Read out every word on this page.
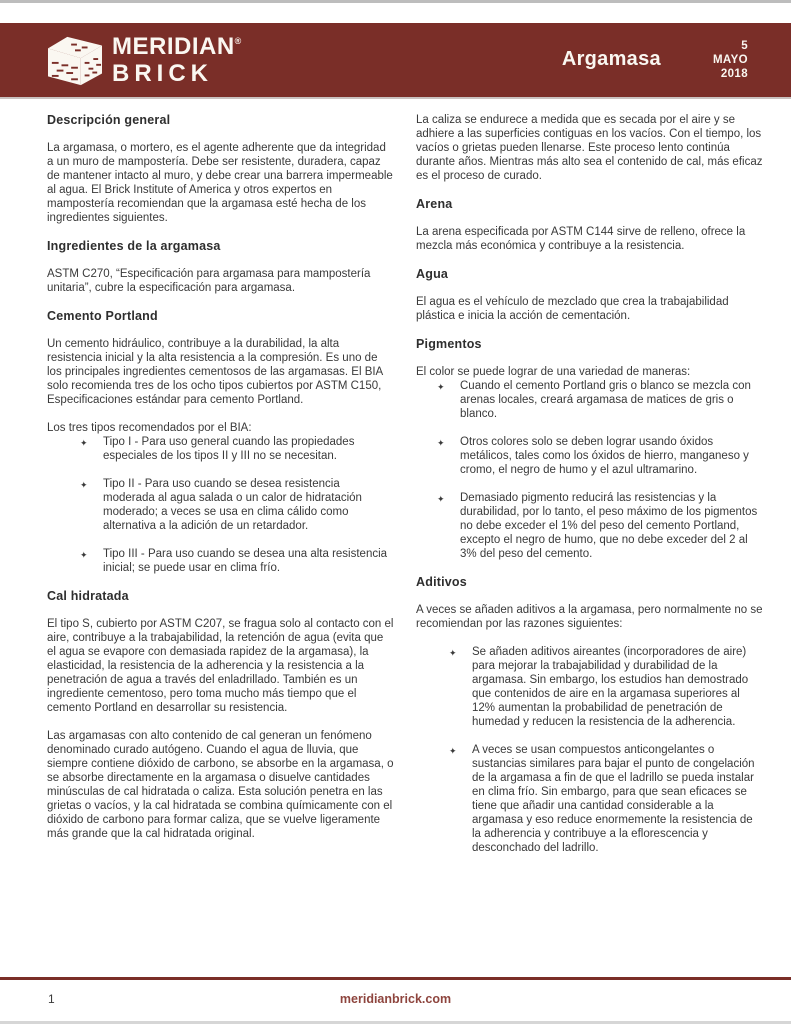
MERIDIAN®
BRICK
Argamasa
5
MAYO
2018
Descripción general

La argamasa, o mortero, es el agente adherente que da integridad a un muro de mampostería. Debe ser resistente, duradera, capaz de mantener intacto al muro, y debe crear una barrera impermeable al agua. El Brick Institute of America y otros expertos en mampostería recomiendan que la argamasa esté hecha de los ingredientes siguientes.

Ingredientes de la argamasa

ASTM C270, “Especificación para argamasa para mampostería unitaria”, cubre la especificación para argamasa.

Cemento Portland

Un cemento hidráulico, contribuye a la durabilidad, la alta resistencia inicial y la alta resistencia a la compresión. Es uno de los principales ingredientes cementosos de las argamasas. El BIA solo recomienda tres de los ocho tipos cubiertos por ASTM C150, Especificaciones estándar para cemento Portland.

Los tres tipos recomendados por el BIA:

✦ Tipo I - Para uso general cuando las propiedades especiales de los tipos II y III no se necesitan.
✦ Tipo II - Para uso cuando se desea resistencia moderada al agua salada o un calor de hidratación moderado; a veces se usa en clima cálido como alternativa a la adición de un retardador.
✦ Tipo III - Para uso cuando se desea una alta resistencia inicial; se puede usar en clima frío.
Cal hidratada

El tipo S, cubierto por ASTM C207, se fragua solo al contacto con el aire, contribuye a la trabajabilidad, la retención de agua (evita que el agua se evapore con demasiada rapidez de la argamasa), la elasticidad, la resistencia de la adherencia y la resistencia a la penetración de agua a través del enladrillado. También es un ingrediente cementoso, pero toma mucho más tiempo que el cemento Portland en desarrollar su resistencia.

Las argamasas con alto contenido de cal generan un fenómeno denominado curado autógeno. Cuando el agua de lluvia, que siempre contiene dióxido de carbono, se absorbe en la argamasa, o se absorbe directamente en la argamasa o disuelve cantidades minúsculas de cal hidratada o caliza. Esta solución penetra en las grietas o vacíos, y la cal hidratada se combina químicamente con el dióxido de carbono para formar caliza, que se vuelve ligeramente más grande que la cal hidratada original.

La caliza se endurece a medida que es secada por el aire y se adhiere a las superficies contiguas en los vacíos. Con el tiempo, los vacíos o grietas pueden llenarse. Este proceso lento continúa durante años. Mientras más alto sea el contenido de cal, más eficaz es el proceso de curado.

Arena

La arena especificada por ASTM C144 sirve de relleno, ofrece la mezcla más económica y contribuye a la resistencia.

Agua

El agua es el vehículo de mezclado que crea la trabajabilidad plástica e inicia la acción de cementación.

Pigmentos

El color se puede lograr de una variedad de maneras:

✦ Cuando el cemento Portland gris o blanco se mezcla con arenas locales, creará argamasa de matices de gris o blanco.
✦ Otros colores solo se deben lograr usando óxidos metálicos, tales como los óxidos de hierro, manganeso y cromo, el negro de humo y el azul ultramarino.
✦ Demasiado pigmento reducirá las resistencias y la durabilidad, por lo tanto, el peso máximo de los pigmentos no debe exceder el 1% del peso del cemento Portland, excepto el negro de humo, que no debe exceder del 2 al 3% del peso del cemento.
Aditivos

A veces se añaden aditivos a la argamasa, pero normalmente no se recomiendan por las razones siguientes:

✦ Se añaden aditivos aireantes (incorporadores de aire) para mejorar la trabajabilidad y durabilidad de la argamasa. Sin embargo, los estudios han demostrado que contenidos de aire en la argamasa superiores al 12% aumentan la probabilidad de penetración de humedad y reducen la resistencia de la adherencia.
✦ A veces se usan compuestos anticongelantes o sustancias similares para bajar el punto de congelación de la argamasa a fin de que el ladrillo se pueda instalar en clima frío. Sin embargo, para que sean eficaces se tiene que añadir una cantidad considerable a la argamasa y eso reduce enormemente la resistencia de la adherencia y contribuye a la eflorescencia y desconchado del ladrillo.
1	meridianbrick.com
